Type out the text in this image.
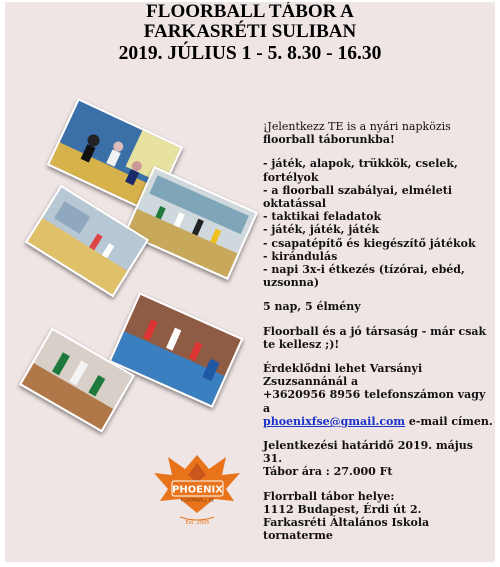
FLOORBALL TÁBOR A
FARKASRÉTI SULIBAN
2019. JÚLIUS 1 - 5. 8.30 - 16.30

¡Jelentkezz TE is a nyári napközis

floorball táborunkba!

- játék, alapok, trükkök, cselek,

fortélyok

- a floorball szabályai, elméleti

oktatással

- taktikai feladatok

- játék, játék, játék

- csapatépítő és kiegészítő játékok

- kirándulás

- napi 3x-i étkezés (tízórai, ebéd,

uzsonna)

5 nap, 5 élmény

Floorball és a jó társaság - már csak

te kellesz ;)!

Érdeklődni lehet Varsányi

Zsuzsannánál a

+3620956 8956 telefonszámon vagy a

phoenixfse@gmail.com e-mail címen.

Jelentkezési határidő 2019. május 31.

Tábor ára : 27.000 Ft

Florrball tábor helye:

1112 Budapest, Érdi út 2.

Farkasréti Általános Iskola

tornaterme

PHOENIX
FLOORBALL SE
Est. 2005
